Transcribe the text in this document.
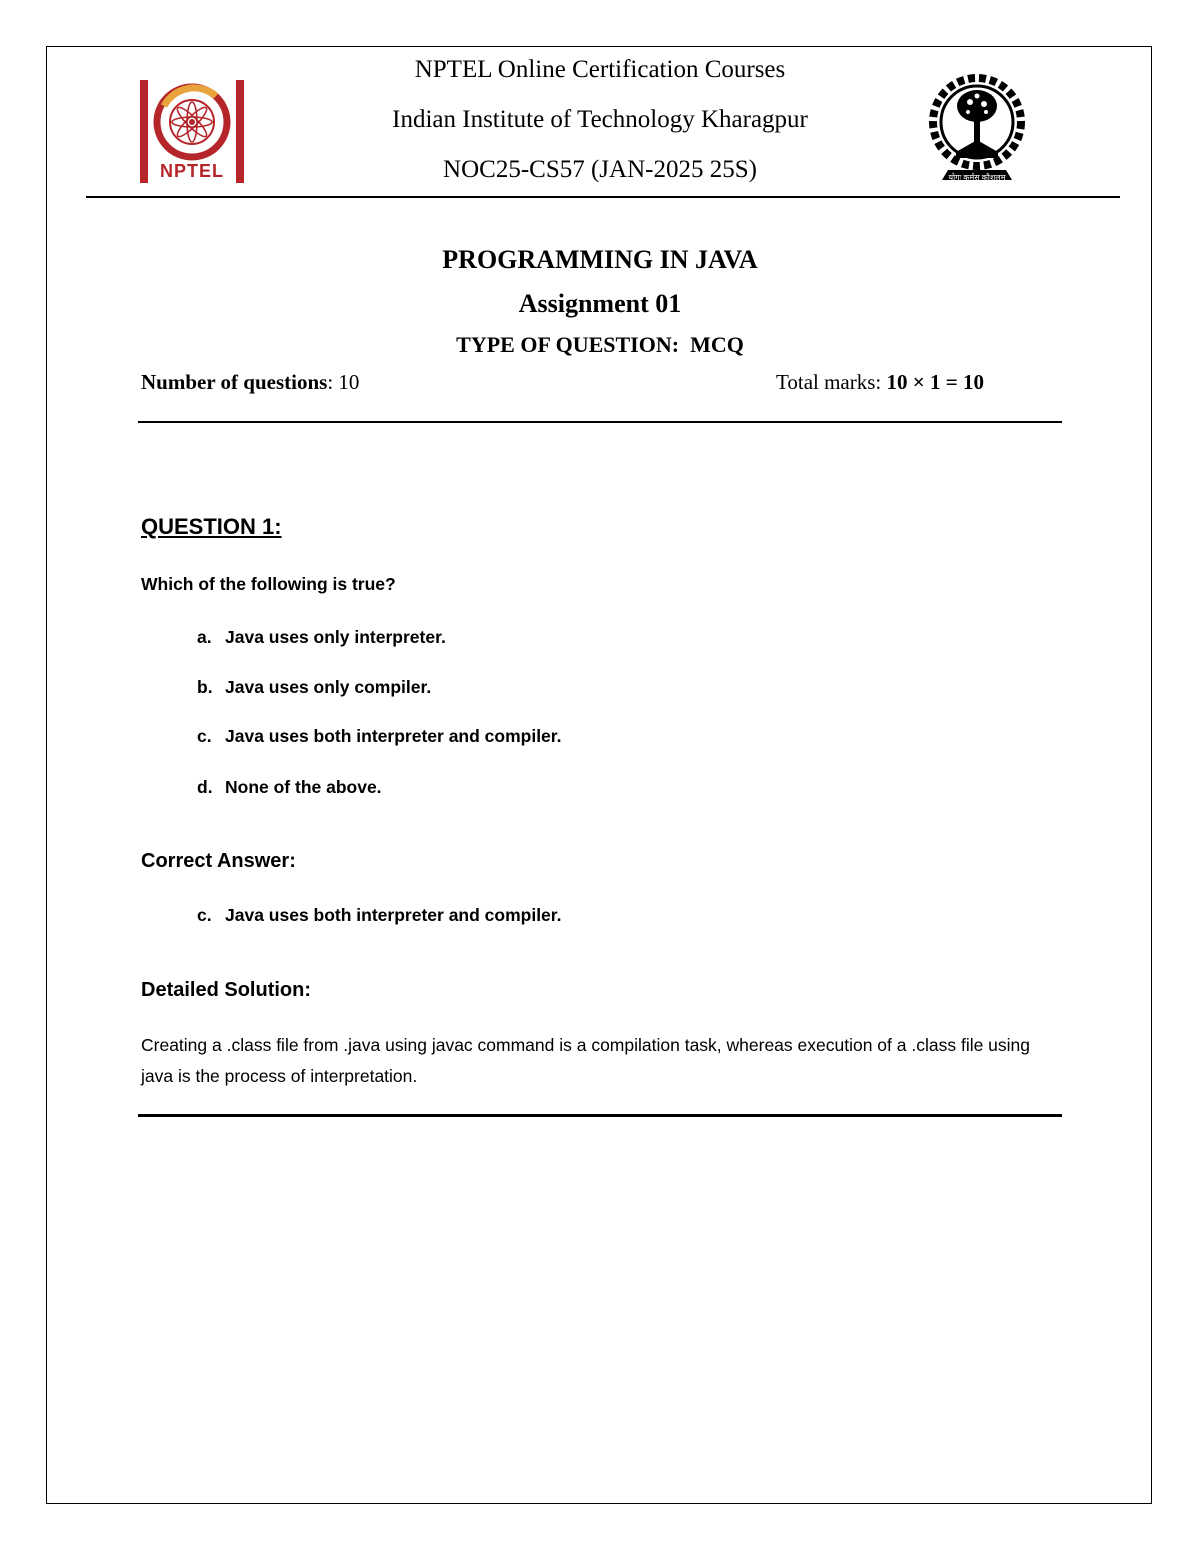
NPTEL	योगः कर्मसु कौशलम्
NPTEL Online Certification Courses
Indian Institute of Technology Kharagpur
NOC25-CS57 (JAN-2025 25S)
PROGRAMMING IN JAVA
Assignment 01
TYPE OF QUESTION: MCQ
Number of questions: 10	Total marks: 10 × 1 = 10
QUESTION 1:
Which of the following is true?
a. Java uses only interpreter.
b. Java uses only compiler.
c. Java uses both interpreter and compiler.
d. None of the above.
Correct Answer:
c. Java uses both interpreter and compiler.
Detailed Solution:
Creating a .class file from .java using javac command is a compilation task, whereas execution of a .class file using java is the process of interpretation.
